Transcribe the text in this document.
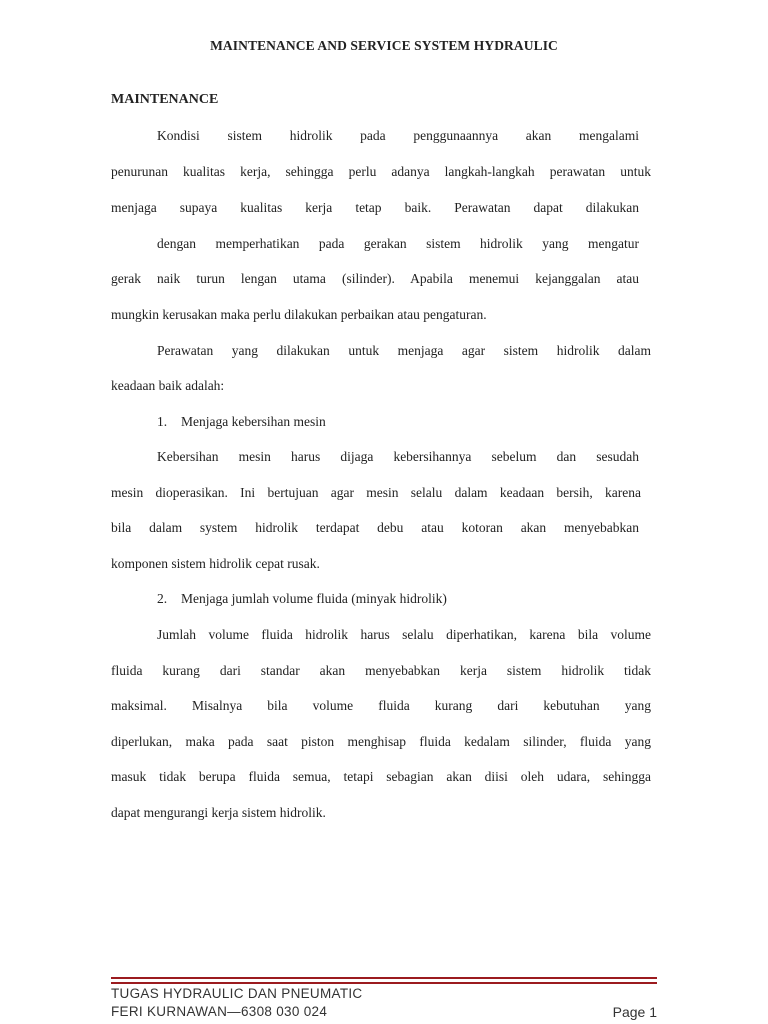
MAINTENANCE AND SERVICE SYSTEM HYDRAULIC
MAINTENANCE
Kondisi sistem hidrolik pada penggunaannya akan mengalami
penurunan kualitas kerja, sehingga perlu adanya langkah-langkah perawatan untuk
menjaga supaya kualitas kerja tetap baik. Perawatan dapat dilakukan
dengan memperhatikan pada gerakan sistem hidrolik yang mengatur
gerak naik turun lengan utama (silinder). Apabila menemui kejanggalan atau
mungkin kerusakan maka perlu dilakukan perbaikan atau pengaturan.
Perawatan yang dilakukan untuk menjaga agar sistem hidrolik dalam
keadaan baik adalah:
1. Menjaga kebersihan mesin
Kebersihan mesin harus dijaga kebersihannya sebelum dan sesudah
mesin dioperasikan. Ini bertujuan agar mesin selalu dalam keadaan bersih, karena
bila dalam system hidrolik terdapat debu atau kotoran akan menyebabkan
komponen sistem hidrolik cepat rusak.
2. Menjaga jumlah volume fluida (minyak hidrolik)
Jumlah volume fluida hidrolik harus selalu diperhatikan, karena bila volume
fluida kurang dari standar akan menyebabkan kerja sistem hidrolik tidak
maksimal. Misalnya bila volume fluida kurang dari kebutuhan yang
diperlukan, maka pada saat piston menghisap fluida kedalam silinder, fluida yang
masuk tidak berupa fluida semua, tetapi sebagian akan diisi oleh udara, sehingga
dapat mengurangi kerja sistem hidrolik.
TUGAS HYDRAULIC DAN PNEUMATIC
FERI KURNAWAN—6308 030 024	Page 1
